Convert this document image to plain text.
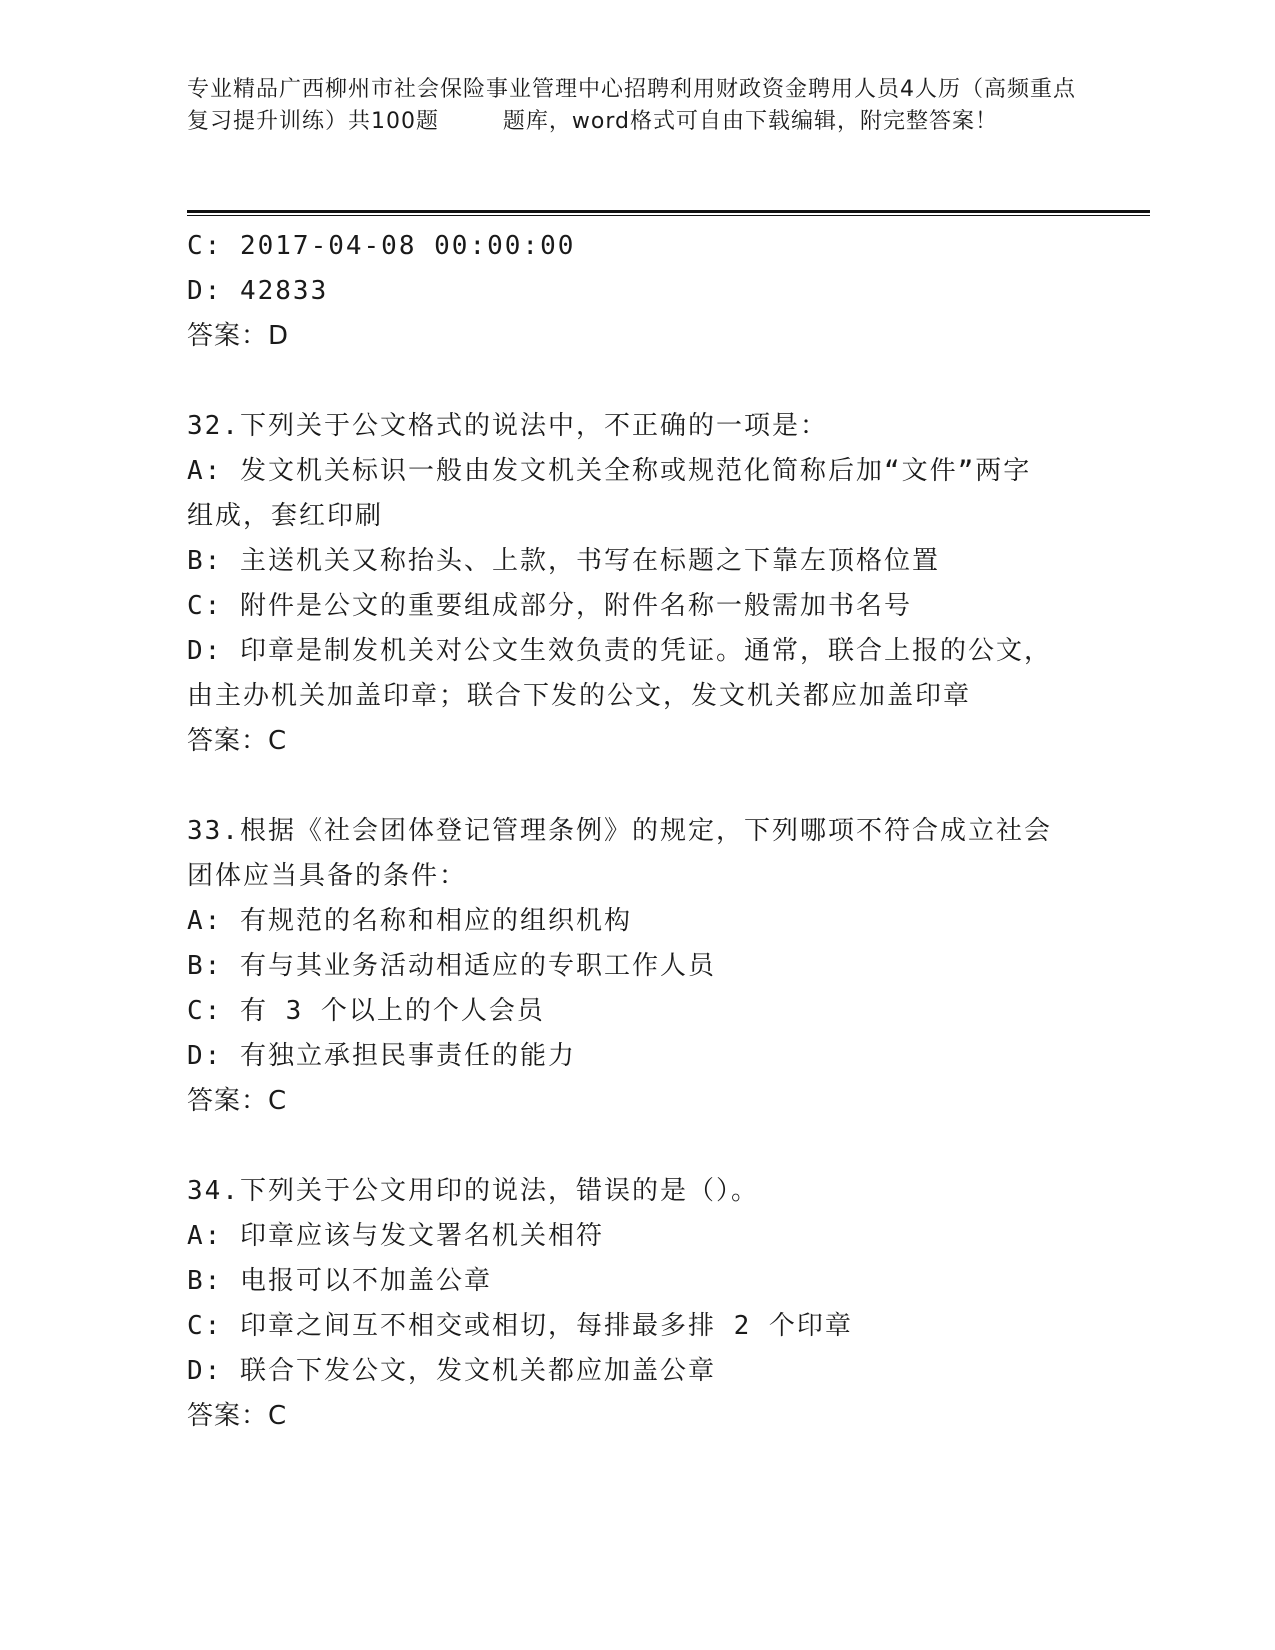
专业精品广西柳州市社会保险事业管理中心招聘利用财政资金聘用人员4人历（高频重点复习提升训练）共100题        题库，word格式可自由下载编辑，附完整答案！

C: 2017-04-08 00:00:00

D: 42833

答案：D

32.下列关于公文格式的说法中，不正确的一项是：

A: 发文机关标识一般由发文机关全称或规范化简称后加“文件”两字

组成，套红印刷

B: 主送机关又称抬头、上款，书写在标题之下靠左顶格位置

C: 附件是公文的重要组成部分，附件名称一般需加书名号

D: 印章是制发机关对公文生效负责的凭证。通常，联合上报的公文，

由主办机关加盖印章；联合下发的公文，发文机关都应加盖印章

答案：C

33.根据《社会团体登记管理条例》的规定，下列哪项不符合成立社会

团体应当具备的条件：

A: 有规范的名称和相应的组织机构

B: 有与其业务活动相适应的专职工作人员

C: 有 3 个以上的个人会员

D: 有独立承担民事责任的能力

答案：C

34.下列关于公文用印的说法，错误的是（）。

A: 印章应该与发文署名机关相符

B: 电报可以不加盖公章

C: 印章之间互不相交或相切，每排最多排 2 个印章

D: 联合下发公文，发文机关都应加盖公章

答案：C
